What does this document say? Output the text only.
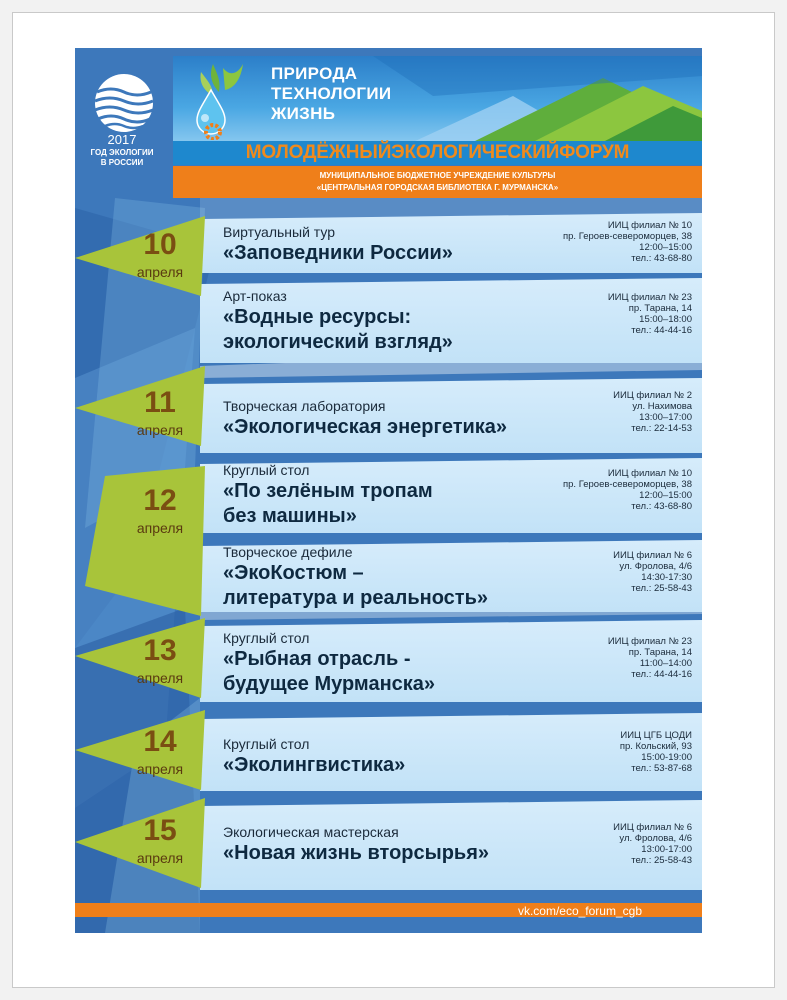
2017
ГОД ЭКОЛОГИИ
В РОССИИ
ПРИРОДА
ТЕХНОЛОГИИ
ЖИЗНЬ
МОЛОДЁЖНЫЙЭКОЛОГИЧЕСКИЙФОРУМ
МУНИЦИПАЛЬНОЕ БЮДЖЕТНОЕ УЧРЕЖДЕНИЕ КУЛЬТУРЫ
«ЦЕНТРАЛЬНАЯ ГОРОДСКАЯ БИБЛИОТЕКА Г. МУРМАНСКА»
10
апреля
11
апреля
12
апреля
13
апреля
14
апреля
15
апреля
Виртуальный тур
«Заповедники России»
ИИЦ филиал № 10
пр. Героев-североморцев, 38
12:00–15:00
тел.: 43-68-80
Арт-показ
«Водные ресурсы:
экологический взгляд»
ИИЦ филиал № 23
пр. Тарана, 14
15:00–18:00
тел.: 44-44-16
Творческая лаборатория
«Экологическая энергетика»
ИИЦ филиал № 2
ул. Нахимова
13:00–17:00
тел.: 22-14-53
Круглый стол
«По зелёным тропам
без машины»
ИИЦ филиал № 10
пр. Героев-североморцев, 38
12:00–15:00
тел.: 43-68-80
Творческое дефиле
«ЭкоКостюм –
литература и реальность»
ИИЦ филиал № 6
ул. Фролова, 4/6
14:30-17:30
тел.: 25-58-43
Круглый стол
«Рыбная отрасль -
будущее Мурманска»
ИИЦ филиал № 23
пр. Тарана, 14
11:00–14:00
тел.: 44-44-16
Круглый стол
«Эколингвистика»
ИИЦ ЦГБ ЦОДИ
пр. Кольский, 93
15:00-19:00
тел.: 53-87-68
Экологическая мастерская
«Новая жизнь вторсырья»
ИИЦ филиал № 6
ул. Фролова, 4/6
13:00-17:00
тел.: 25-58-43
vk.com/eco_forum_cgb
